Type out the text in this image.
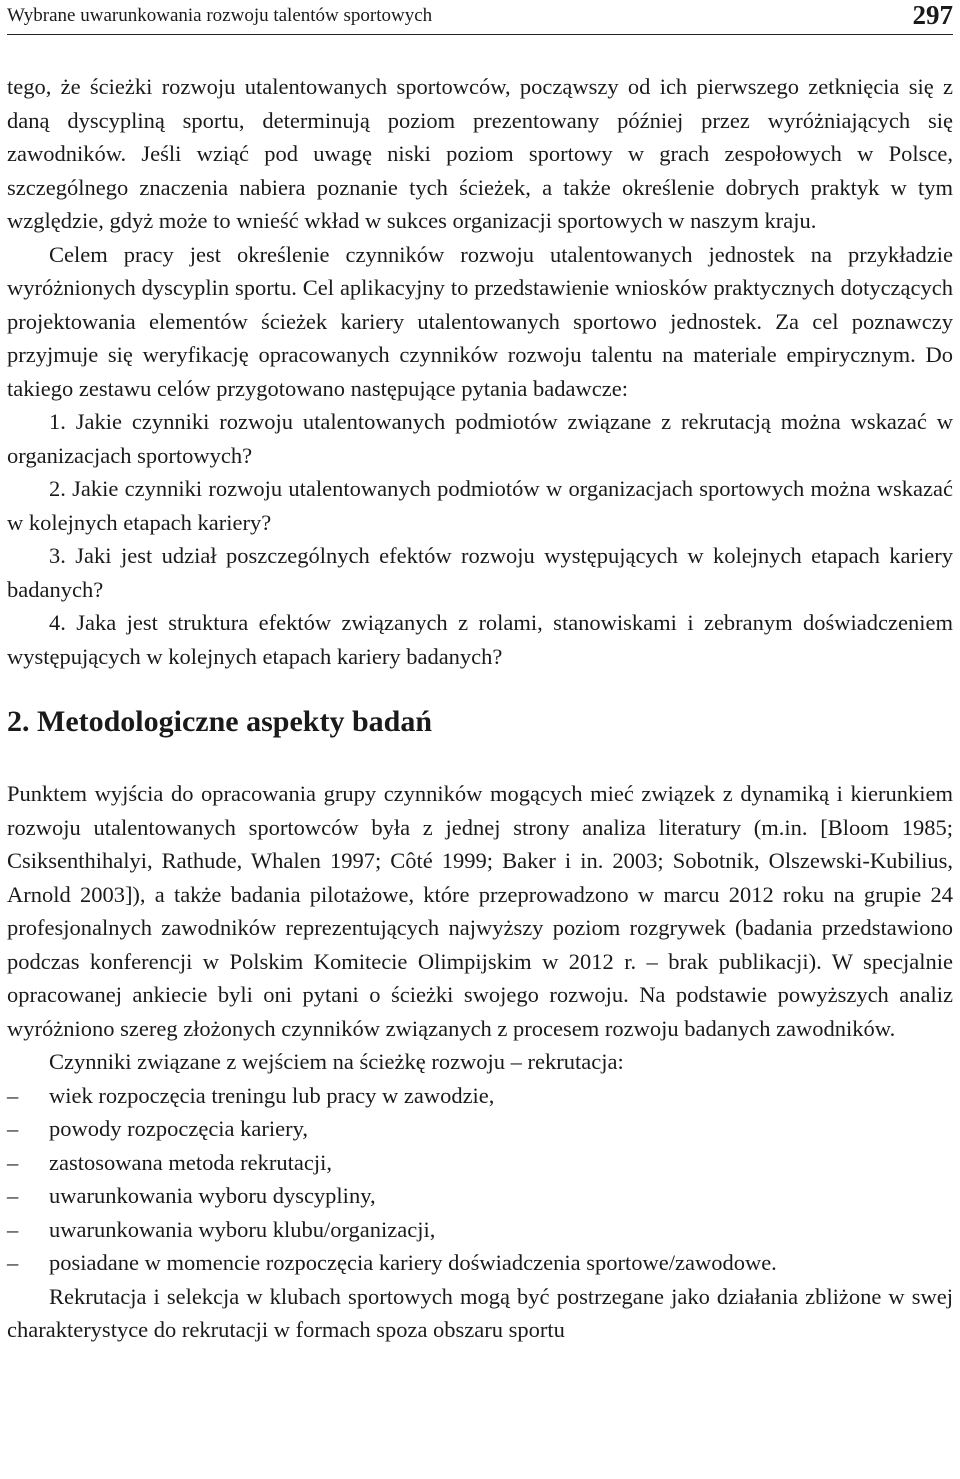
Wybrane uwarunkowania rozwoju talentów sportowych	297

tego, że ścieżki rozwoju utalentowanych sportowców, począwszy od ich pierwszego zetknięcia się z daną dyscypliną sportu, determinują poziom prezentowany później przez wyróżniających się zawodników. Jeśli wziąć pod uwagę niski poziom sportowy w grach zespołowych w Polsce, szczególnego znaczenia nabiera poznanie tych ścieżek, a także określenie dobrych praktyk w tym względzie, gdyż może to wnieść wkład w sukces organizacji sportowych w naszym kraju.

Celem pracy jest określenie czynników rozwoju utalentowanych jednostek na przykładzie wyróżnionych dyscyplin sportu. Cel aplikacyjny to przedstawienie wniosków praktycznych dotyczących projektowania elementów ścieżek kariery utalentowanych sportowo jednostek. Za cel poznawczy przyjmuje się weryfikację opracowanych czynników rozwoju talentu na materiale empirycznym. Do takiego zestawu celów przygotowano następujące pytania badawcze:

1. Jakie czynniki rozwoju utalentowanych podmiotów związane z rekrutacją można wskazać w organizacjach sportowych?

2. Jakie czynniki rozwoju utalentowanych podmiotów w organizacjach sportowych można wskazać w kolejnych etapach kariery?

3. Jaki jest udział poszczególnych efektów rozwoju występujących w kolejnych etapach kariery badanych?

4. Jaka jest struktura efektów związanych z rolami, stanowiskami i zebranym doświadczeniem występujących w kolejnych etapach kariery badanych?

2. Metodologiczne aspekty badań

Punktem wyjścia do opracowania grupy czynników mogących mieć związek z dynamiką i kierunkiem rozwoju utalentowanych sportowców była z jednej strony analiza literatury (m.in. [Bloom 1985; Csiksenthihalyi, Rathude, Whalen 1997; Côté 1999; Baker i in. 2003; Sobotnik, Olszewski-Kubilius, Arnold 2003]), a także badania pilotażowe, które przeprowadzono w marcu 2012 roku na grupie 24 profesjonalnych zawodników reprezentujących najwyższy poziom rozgrywek (badania przedstawiono podczas konferencji w Polskim Komitecie Olimpijskim w 2012 r. – brak publikacji). W specjalnie opracowanej ankiecie byli oni pytani o ścieżki swojego rozwoju. Na podstawie powyższych analiz wyróżniono szereg złożonych czynników związanych z procesem rozwoju badanych zawodników.

Czynniki związane z wejściem na ścieżkę rozwoju – rekrutacja:

– wiek rozpoczęcia treningu lub pracy w zawodzie,
– powody rozpoczęcia kariery,
– zastosowana metoda rekrutacji,
– uwarunkowania wyboru dyscypliny,
– uwarunkowania wyboru klubu/organizacji,
– posiadane w momencie rozpoczęcia kariery doświadczenia sportowe/zawodowe.

Rekrutacja i selekcja w klubach sportowych mogą być postrzegane jako działania zbliżone w swej charakterystyce do rekrutacji w formach spoza obszaru sportu
